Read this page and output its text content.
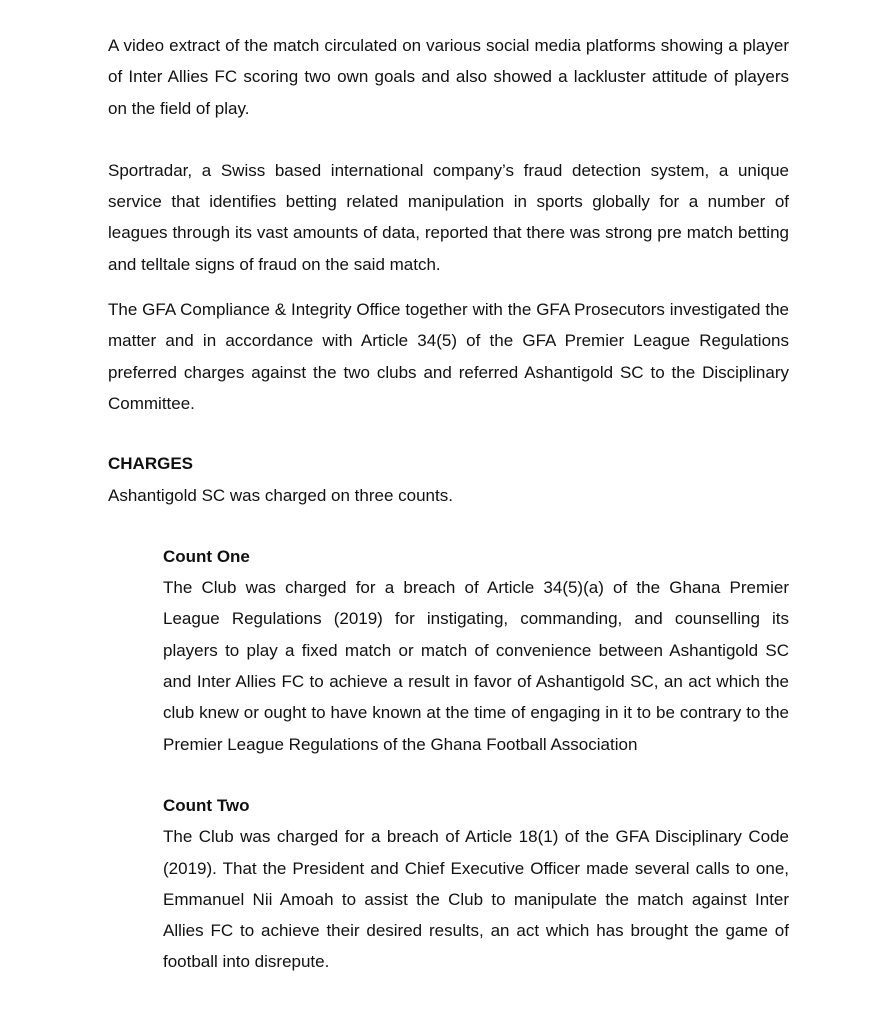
A video extract of the match circulated on various social media platforms showing a player of Inter Allies FC scoring two own goals and also showed a lackluster attitude of players on the field of play.

Sportradar, a Swiss based international company’s fraud detection system, a unique service that identifies betting related manipulation in sports globally for a number of leagues through its vast amounts of data, reported that there was strong pre match betting and telltale signs of fraud on the said match.

The GFA Compliance & Integrity Office together with the GFA Prosecutors investigated the matter and in accordance with Article 34(5) of the GFA Premier League Regulations preferred charges against the two clubs and referred Ashantigold SC to the Disciplinary Committee.

CHARGES

Ashantigold SC was charged on three counts.

Count One

The Club was charged for a breach of Article 34(5)(a) of the Ghana Premier League Regulations (2019) for instigating, commanding, and counselling its players to play a fixed match or match of convenience between Ashantigold SC and Inter Allies FC to achieve a result in favor of Ashantigold SC, an act which the club knew or ought to have known at the time of engaging in it to be contrary to the Premier League Regulations of the Ghana Football Association

Count Two

The Club was charged for a breach of Article 18(1) of the GFA Disciplinary Code (2019). That the President and Chief Executive Officer made several calls to one, Emmanuel Nii Amoah to assist the Club to manipulate the match against Inter Allies FC to achieve their desired results, an act which has brought the game of football into disrepute.
